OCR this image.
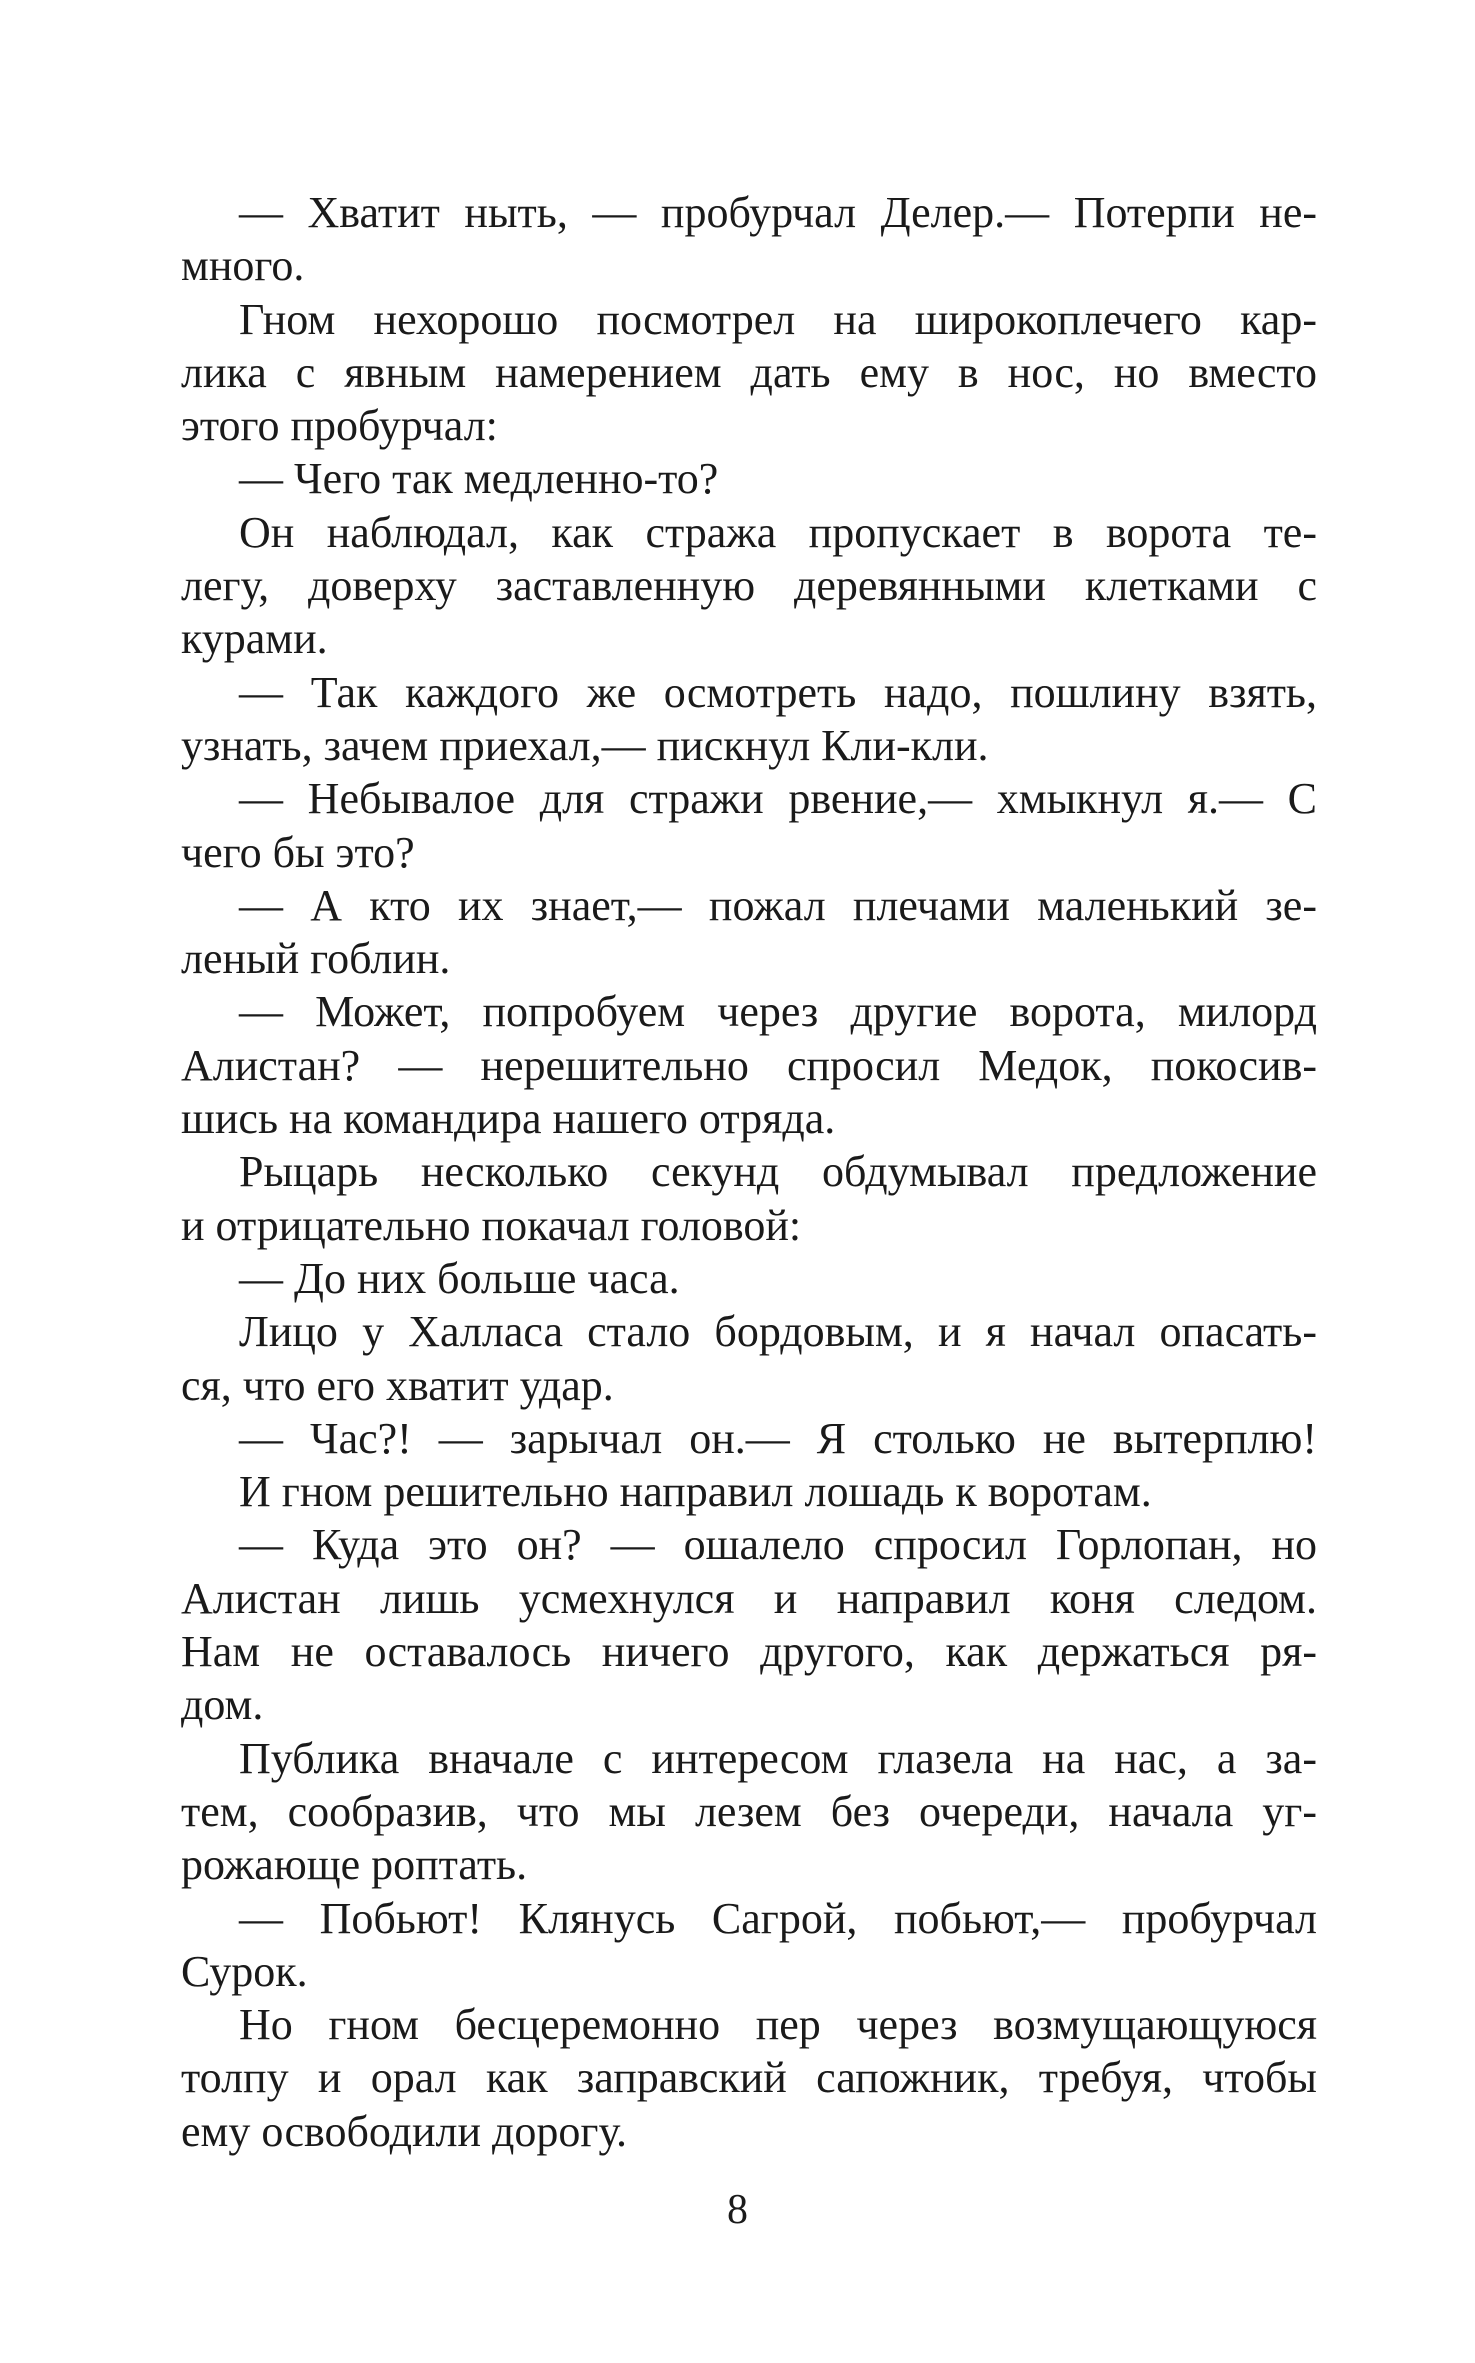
— Хватит ныть, — пробурчал Делер.— Потерпи не-
много.
Гном нехорошо посмотрел на широкоплечего кар-
лика с явным намерением дать ему в нос, но вместо
этого пробурчал:
— Чего так медленно-то?
Он наблюдал, как стража пропускает в ворота те-
легу, доверху заставленную деревянными клетками с
курами.
— Так каждого же осмотреть надо, пошлину взять,
узнать, зачем приехал,— пискнул Кли-кли.
— Небывалое для стражи рвение,— хмыкнул я.— С
чего бы это?
— А кто их знает,— пожал плечами маленький зе-
леный гоблин.
— Может, попробуем через другие ворота, милорд
Алистан? — нерешительно спросил Медок, покосив-
шись на командира нашего отряда.
Рыцарь несколько секунд обдумывал предложение
и отрицательно покачал головой:
— До них больше часа.
Лицо у Халласа стало бордовым, и я начал опасать-
ся, что его хватит удар.
— Час?! — зарычал он.— Я столько не вытерплю!
И гном решительно направил лошадь к воротам.
— Куда это он? — ошалело спросил Горлопан, но
Алистан лишь усмехнулся и направил коня следом.
Нам не оставалось ничего другого, как держаться ря-
дом.
Публика вначале с интересом глазела на нас, а за-
тем, сообразив, что мы лезем без очереди, начала уг-
рожающе роптать.
— Побьют! Клянусь Сагрой, побьют,— пробурчал
Сурок.
Но гном бесцеремонно пер через возмущающуюся
толпу и орал как заправский сапожник, требуя, чтобы
ему освободили дорогу.
8
